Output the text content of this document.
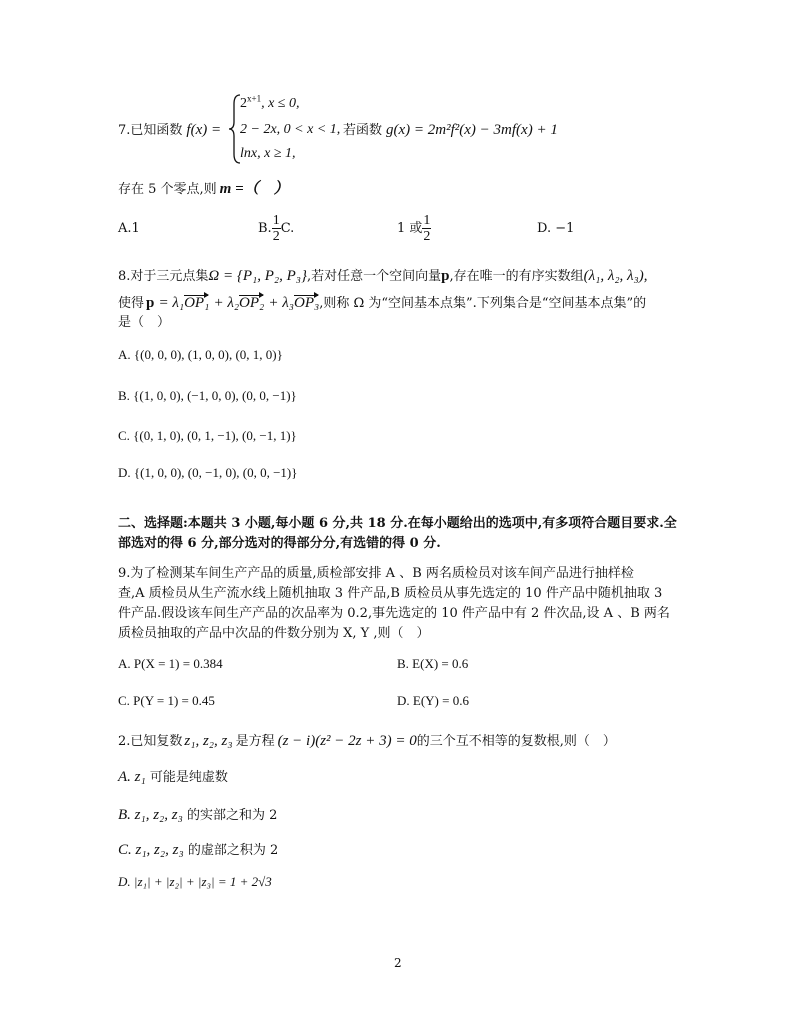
7.已知函数 f(x) =
$2^{x+1}$, x ≤ 0,
2 − 2x, 0 < x < 1,
lnx, x ≥ 1,
若函数 g(x) = 2m²f²(x) − 3mf(x) + 1
存在 5 个零点,则 m =（　）
A.1	B. $\frac{1}{2} C$.	1 或 $\frac{1}{2}$	D. −1
8.对于三元点集Ω = {P₁, P₂, P₃},若对任意一个空间向量p,存在唯一的有序实数组(λ₁, λ₂, λ₃),
使得 p = λ₁OP₁ + λ₂OP₂ + λ₃OP₃,则称 Ω 为“空间基本点集”.下列集合是“空间基本点集”的
是（　）
A. {(0, 0, 0), (1, 0, 0), (0, 1, 0)}
B. {(1, 0, 0), (−1, 0, 0), (0, 0, −1)}
C. {(0, 1, 0), (0, 1, −1), (0, −1, 1)}
D. {(1, 0, 0), (0, −1, 0), (0, 0, −1)}
二、选择题:本题共 3 小题,每小题 6 分,共 18 分.在每小题给出的选项中,有多项符合题目要求.全
部选对的得 6 分,部分选对的得部分分,有选错的得 0 分.
9.为了检测某车间生产产品的质量,质检部安排 A 、B 两名质检员对该车间产品进行抽样检
查,A 质检员从生产流水线上随机抽取 3 件产品,B 质检员从事先选定的 10 件产品中随机抽取 3
件产品.假设该车间生产产品的次品率为 0.2,事先选定的 10 件产品中有 2 件次品,设 A 、B 两名
质检员抽取的产品中次品的件数分别为 X, Y ,则（　）
A. P(X = 1) = 0.384	B. E(X) = 0.6
C. P(Y = 1) = 0.45	D. E(Y) = 0.6
2.已知复数 z₁, z₂, z₃ 是方程 (z − i)(z² − 2z + 3) = 0的三个互不相等的复数根,则（　）
A. z₁ 可能是纯虚数
B. z₁, z₂, z₃ 的实部之和为 2
C. z₁, z₂, z₃ 的虚部之积为 2
D. |z₁| + |z₂| + |z₃| = 1 + 2√3
2
